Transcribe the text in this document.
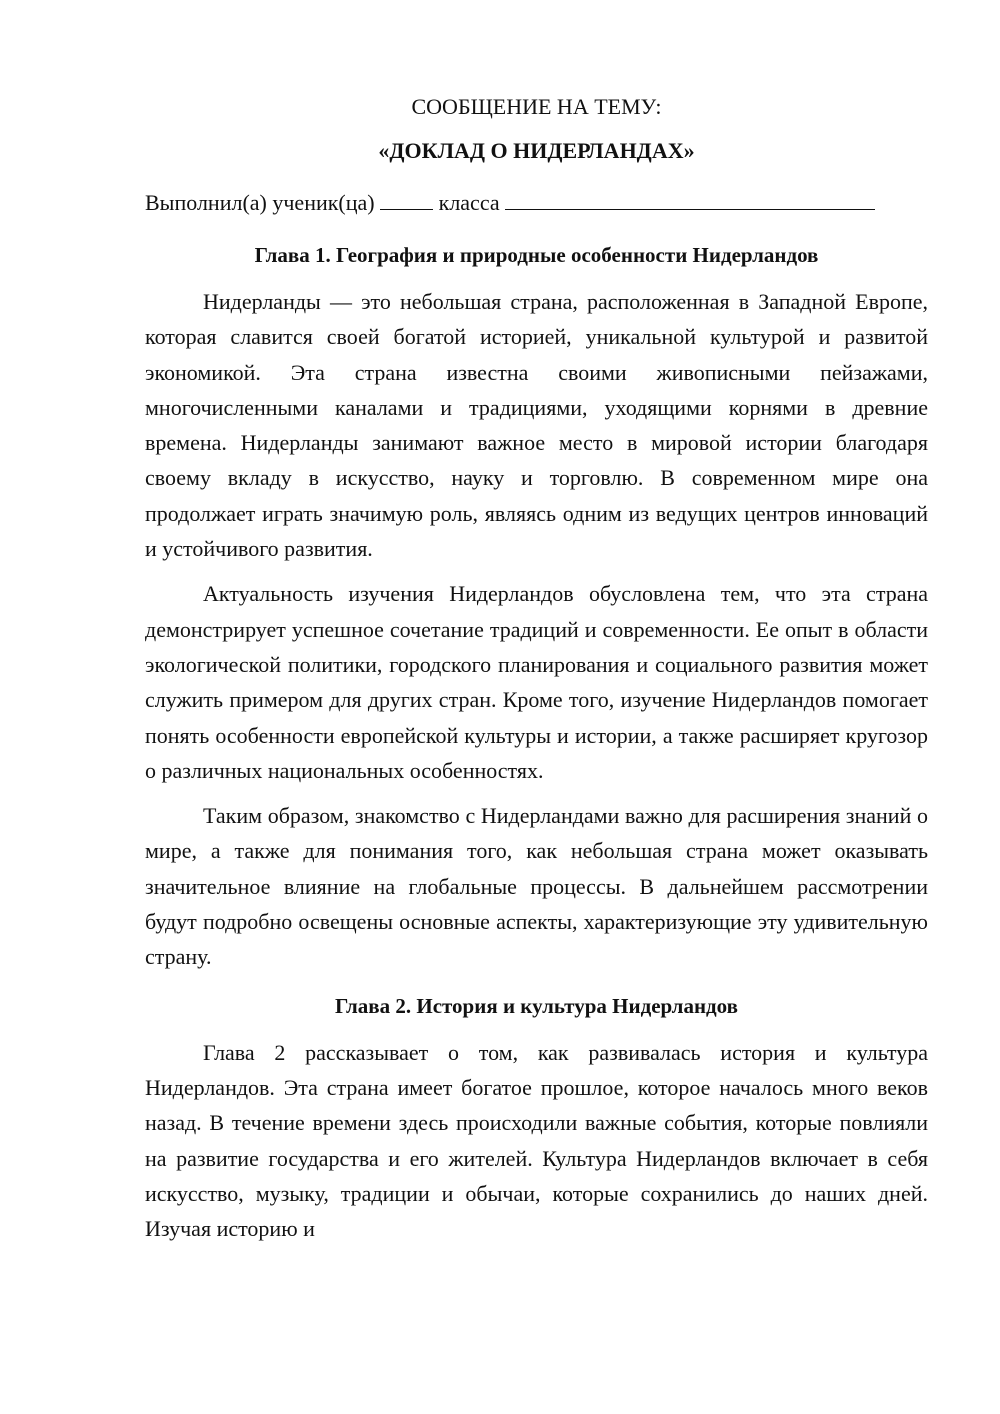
СООБЩЕНИЕ НА ТЕМУ:

«ДОКЛАД О НИДЕРЛАНДАХ»

Выполнил(а) ученик(ца)	класса

Глава 1. География и природные особенности Нидерландов

Нидерланды — это небольшая страна, расположенная в Западной Европе, которая славится своей богатой историей, уникальной культурой и развитой экономикой. Эта страна известна своими живописными пейзажами, многочисленными каналами и традициями, уходящими корнями в древние времена. Нидерланды занимают важное место в мировой истории благодаря своему вкладу в искусство, науку и торговлю. В современном мире она продолжает играть значимую роль, являясь одним из ведущих центров инноваций и устойчивого развития.

Актуальность изучения Нидерландов обусловлена тем, что эта страна демонстрирует успешное сочетание традиций и современности. Ее опыт в области экологической политики, городского планирования и социального развития может служить примером для других стран. Кроме того, изучение Нидерландов помогает понять особенности европейской культуры и истории, а также расширяет кругозор о различных национальных особенностях.

Таким образом, знакомство с Нидерландами важно для расширения знаний о мире, а также для понимания того, как небольшая страна может оказывать значительное влияние на глобальные процессы. В дальнейшем рассмотрении будут подробно освещены основные аспекты, характеризующие эту удивительную страну.

Глава 2. История и культура Нидерландов

Глава 2 рассказывает о том, как развивалась история и культура Нидерландов. Эта страна имеет богатое прошлое, которое началось много веков назад. В течение времени здесь происходили важные события, которые повлияли на развитие государства и его жителей. Культура Нидерландов включает в себя искусство, музыку, традиции и обычаи, которые сохранились до наших дней. Изучая историю и
